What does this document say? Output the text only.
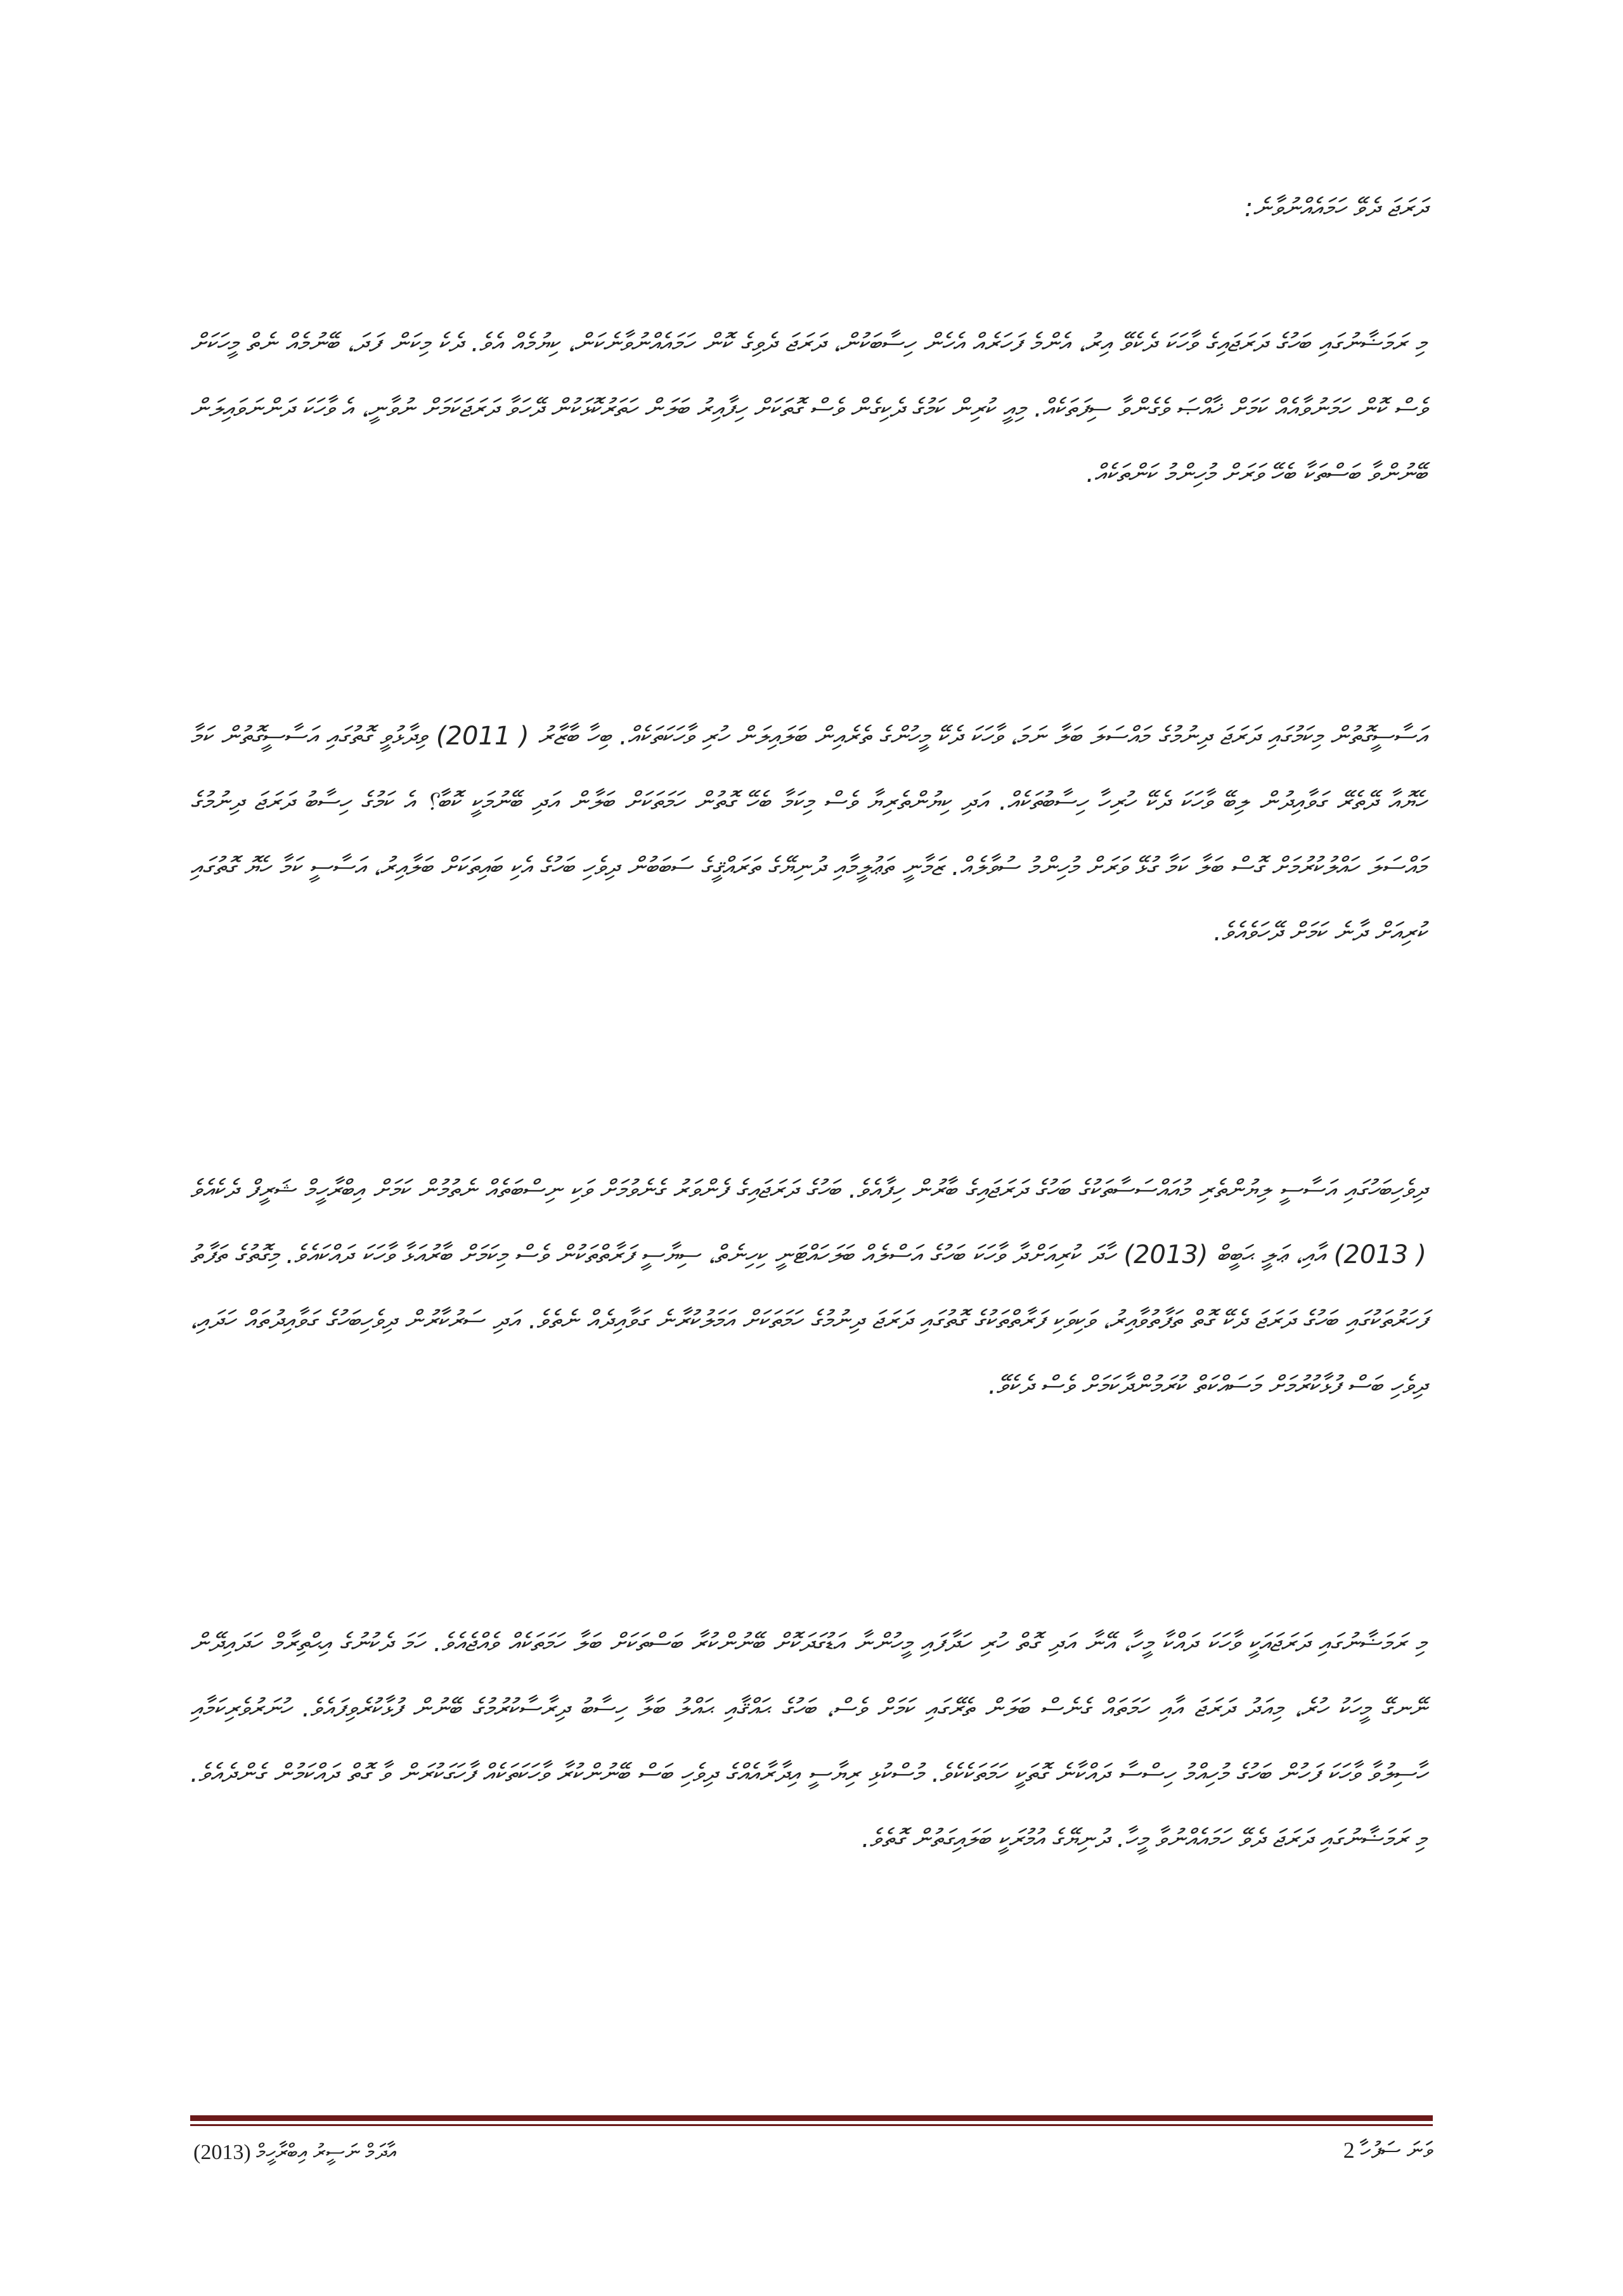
ދަރަޖަ ދެވޭ ހަމައެއްނުވާނެ:

މި ރަމަޟާނުގައި ބަހުގެ ދަރަޖައިގެ ވާހަކަ ދެކެވޭ އިރު، އެންމެ ފަހަރެއް އެހެން ހިސާބަކުން، ދަރަޖަ ދެވިގެ ކޮން ހަމައެއްނުވާނެކަން، ކިޔުމެއް އެވެ. ދެކެ މިކަން ފަދަ، ބޭނުމެއް ނެތް މީހަކަށް ވެސް ކޮން ހަމަނުވާއެއް ކަމަށް ޚާއްޞަ ވެގެންވާ ސިފަތަކެއް. މިއީ ކުރިން ކަމުގެ ދެކިގެން ވެސް ގޮތަކަށް ހިފާއިރު ބަލަން ހަތަރުކޮޅަކުން ދޭހަވާ ދަރަޖަކަމަށް ނުވާނީ، އެ ވާހަކަ ދަންނަވައިލަން ބޭނުންވާ ބަސްތަކާ ބެހޭ ވަރަށް މުހިންމު ކަންތަކެއް.

އަސާސީގޮތުން މިކަމުގައި ދަރަޖަ ދިނުމުގެ މައްސަލަ ބަލާ ނަމަ، ވާހަކަ ދެކޭ މީހުންގެ ތެރެއިން ބަލައިލަން ހުރި ވާހަކަތަކެއް. ބިހާ ބާޒާރު ( 2011) ވިދާޅުވީ ގޮތުގައި އަސާސީގޮތުން ކަމާ ހެޔޮއާ ދޭތެރޭ ގަވާއިދުން ލިބޭ ވާހަކަ ދެކޭ ހުރިހާ ހިސާބުތަކެއް. އަދި ކިޔުންތެރިޔާ ވެސް މިކަމާ ބެހޭ ގޮތުން ހަމަތަކަށް ބަލާން އަދި ބޭނުމަކީ ކޮބާ؟ އެ ކަމުގެ ހިސާބު ދަރަޖަ ދިނުމުގެ މައްސަލަ ހައްލުކުރުމަށް ގޮސް ބަލާ ކަމާ ގުޅޭ ވަރަށް މުހިންމު ސުވާލެއް. ޒަމާނީ ތަޢުލީމާއި ދުނިޔޭގެ ތަރައްޤީގެ ސަބަބުން ދިވެހި ބަހުގެ އެކި ބައިތަކަށް ބަލާއިރު، އަސާސީ ކަމާ ހެޔޮ ގޮތުގައި ކުރިއަށް ދާނެ ކަމަށް ދޭހަވެއެވެ.

ދިވެހިބަހުގައި އަސާސީ ލިޔުންތެރި މުއައްސަސާތަކުގެ ބަހުގެ ދަރަޖައިގެ ބާރުން ހިފާއެވެ. ބަހުގެ ދަރަޖައިގެ ފެންވަރު ގެނެވުމަށް ވަކި ނިސްބަތެއް ނެތުމުން ކަމަށް އިބްރާހީމް ޝަރީފް ދެކެއެވެ ( 2013) އާއި، ޢަލީ ޙަބީބް (2013) ހާދަ ކުރިއަށްދާ ވާހަކަ ބަހުގެ އަސްލެއް ބަލަހައްޓަނީ ކިހިނެތް، ސިޔާސީ ފަރާތްތަކުން ވެސް މިކަމަށް ބާރުއަޅާ ވާހަކަ ދައްކައެވެ. މިގޮތުގެ ތަފާތު ފަހަރުތަކުގައި ބަހުގެ ދަރަޖަ ދެކޭ ގޮތް ތަފާތުވާއިރު، ވަކިވަކި ފަރާތްތަކުގެ ގޮތުގައި ދަރަޖަ ދިނުމުގެ ހަމަތަކަށް އަމަލުކުރާނެ ގަވާއިދެއް ނެތެވެ. އަދި ސަރުކާރުން ދިވެހިބަހުގެ ގަވާއިދުތައް ހަދައި، ދިވެހި ބަސް ފުޅާކުރުމަށް މަސައްކަތް ކުރަމުންދާކަމަށް ވެސް ދެކެވޭ.

މި ރަމަޟާނުގައި ދަރަޖައަކީ ވާހަކަ ދައްކާ މީހާ، އޭނާ އަދި ގޮތް ހުރި ހަދާފައި މީހުންނާ އަޑުގަދަކޮށް ބޭނުންކުރާ ބަސްތަކަށް ބަލާ ހަމަތަކެއް ވެއްޖެއެވެ. ހަމަ ދެކުނުގެ އިޙްތިރާމް ހަދައިދޭން ނޭނގޭ މީހަކު ހުރެ، މިއަދު ދަރަޖަ އާއި ހަމަތައް ގެނެސް ބަލަން ތެރޭގައި ކަމަށް ވެސް، ބަހުގެ ޙައްޤާއި ޙައްލު ބަލާ ހިސާބު ދިރާސާކުރުމުގެ ބޭނުން ފުޅާކުރެވިފައެވެ. ހުނަރުވެރިކަމާއި ހާސިލުވާ ވާހަކަ ފަހުން ބަހުގެ މުހިއްމު ހިސްސާ ދައްކާނެ ގޮތަކީ ހަމަތަކެކެވެ. މުސްކުޅި ރިޔާސީ އިދާރާއެއްގެ ދިވެހި ބަސް ބޭނުންކުރާ ވާހަކަތަކެއް ފާހަގަކުރަން ވާ ގޮތް ދައްކަމުން ގެންދެއެވެ. މި ރަމަޟާނުގައި ދަރަޖަ ދެވޭ ހަމައެއްނުވާ މީހާ. ދުނިޔޭގެ އުމުރަކީ ބަލައިގަތުން ގޮތެވެ.

އާދަމް ނަސީރު އިބްރާހީމް (2013)	ވަނަ ސަފުހާ 2
